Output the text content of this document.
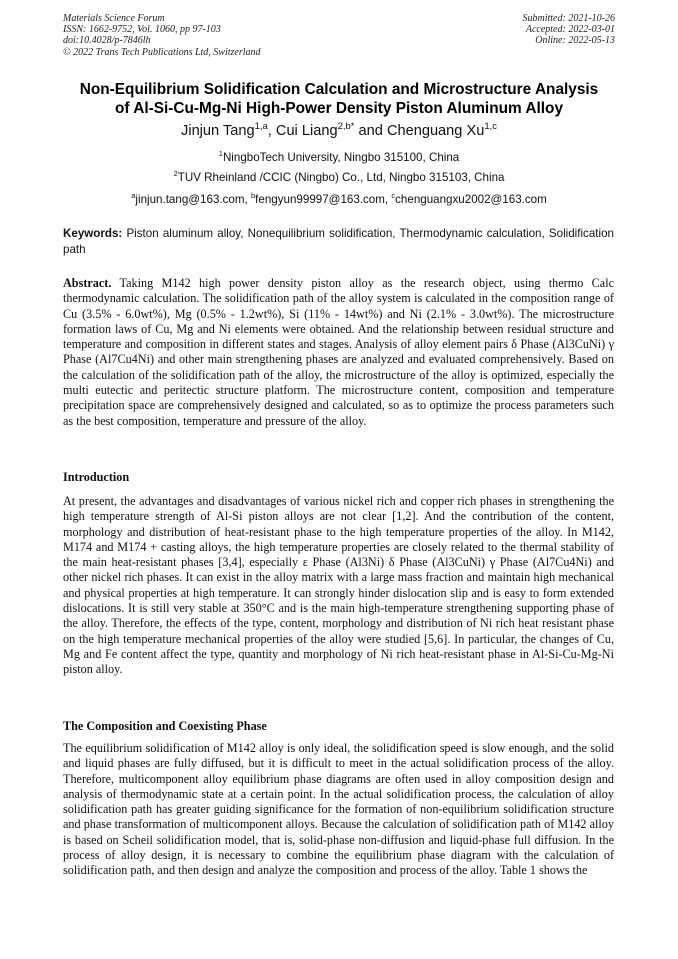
Materials Science Forum
ISSN: 1662-9752, Vol. 1060, pp 97-103
doi:10.4028/p-7846lh
© 2022 Trans Tech Publications Ltd, Switzerland
Submitted: 2021-10-26
Accepted: 2022-03-01
Online: 2022-05-13
Non-Equilibrium Solidification Calculation and Microstructure Analysis
of Al-Si-Cu-Mg-Ni High-Power Density Piston Aluminum Alloy
Jinjun Tang$^{1,a}$, Cui Liang$^{2,b*}$ and Chenguang Xu$^{1,c}$
$^1$NingboTech University, Ningbo 315100, China
$^2$TUV Rheinland /CCIC (Ningbo) Co., Ltd, Ningbo 315103, China
$^a$jinjun.tang@163.com, $^b$fengyun99997@163.com, $^c$chenguangxu2002@163.com
Keywords: Piston aluminum alloy, Nonequilibrium solidification, Thermodynamic calculation, Solidification path
Abstract. Taking M142 high power density piston alloy as the research object, using thermo Calc thermodynamic calculation. The solidification path of the alloy system is calculated in the composition range of Cu (3.5% - 6.0wt%), Mg (0.5% - 1.2wt%), Si (11% - 14wt%) and Ni (2.1% - 3.0wt%). The microstructure formation laws of Cu, Mg and Ni elements were obtained. And the relationship between residual structure and temperature and composition in different states and stages. Analysis of alloy element pairs δ Phase (Al3CuNi) γ Phase (Al7Cu4Ni) and other main strengthening phases are analyzed and evaluated comprehensively. Based on the calculation of the solidification path of the alloy, the microstructure of the alloy is optimized, especially the multi eutectic and peritectic structure platform. The microstructure content, composition and temperature precipitation space are comprehensively designed and calculated, so as to optimize the process parameters such as the best composition, temperature and pressure of the alloy.
Introduction
At present, the advantages and disadvantages of various nickel rich and copper rich phases in strengthening the high temperature strength of Al-Si piston alloys are not clear [1,2]. And the contribution of the content, morphology and distribution of heat-resistant phase to the high temperature properties of the alloy. In M142, M174 and M174 + casting alloys, the high temperature properties are closely related to the thermal stability of the main heat-resistant phases [3,4], especially ε Phase (Al3Ni) δ Phase (Al3CuNi) γ Phase (Al7Cu4Ni) and other nickel rich phases. It can exist in the alloy matrix with a large mass fraction and maintain high mechanical and physical properties at high temperature. It can strongly hinder dislocation slip and is easy to form extended dislocations. It is still very stable at 350°C and is the main high-temperature strengthening supporting phase of the alloy. Therefore, the effects of the type, content, morphology and distribution of Ni rich heat resistant phase on the high temperature mechanical properties of the alloy were studied [5,6]. In particular, the changes of Cu, Mg and Fe content affect the type, quantity and morphology of Ni rich heat-resistant phase in Al-Si-Cu-Mg-Ni piston alloy.
The Composition and Coexisting Phase
The equilibrium solidification of M142 alloy is only ideal, the solidification speed is slow enough, and the solid and liquid phases are fully diffused, but it is difficult to meet in the actual solidification process of the alloy. Therefore, multicomponent alloy equilibrium phase diagrams are often used in alloy composition design and analysis of thermodynamic state at a certain point. In the actual solidification process, the calculation of alloy solidification path has greater guiding significance for the formation of non-equilibrium solidification structure and phase transformation of multicomponent alloys. Because the calculation of solidification path of M142 alloy is based on Scheil solidification model, that is, solid-phase non-diffusion and liquid-phase full diffusion. In the process of alloy design, it is necessary to combine the equilibrium phase diagram with the calculation of solidification path, and then design and analyze the composition and process of the alloy. Table 1 shows the
